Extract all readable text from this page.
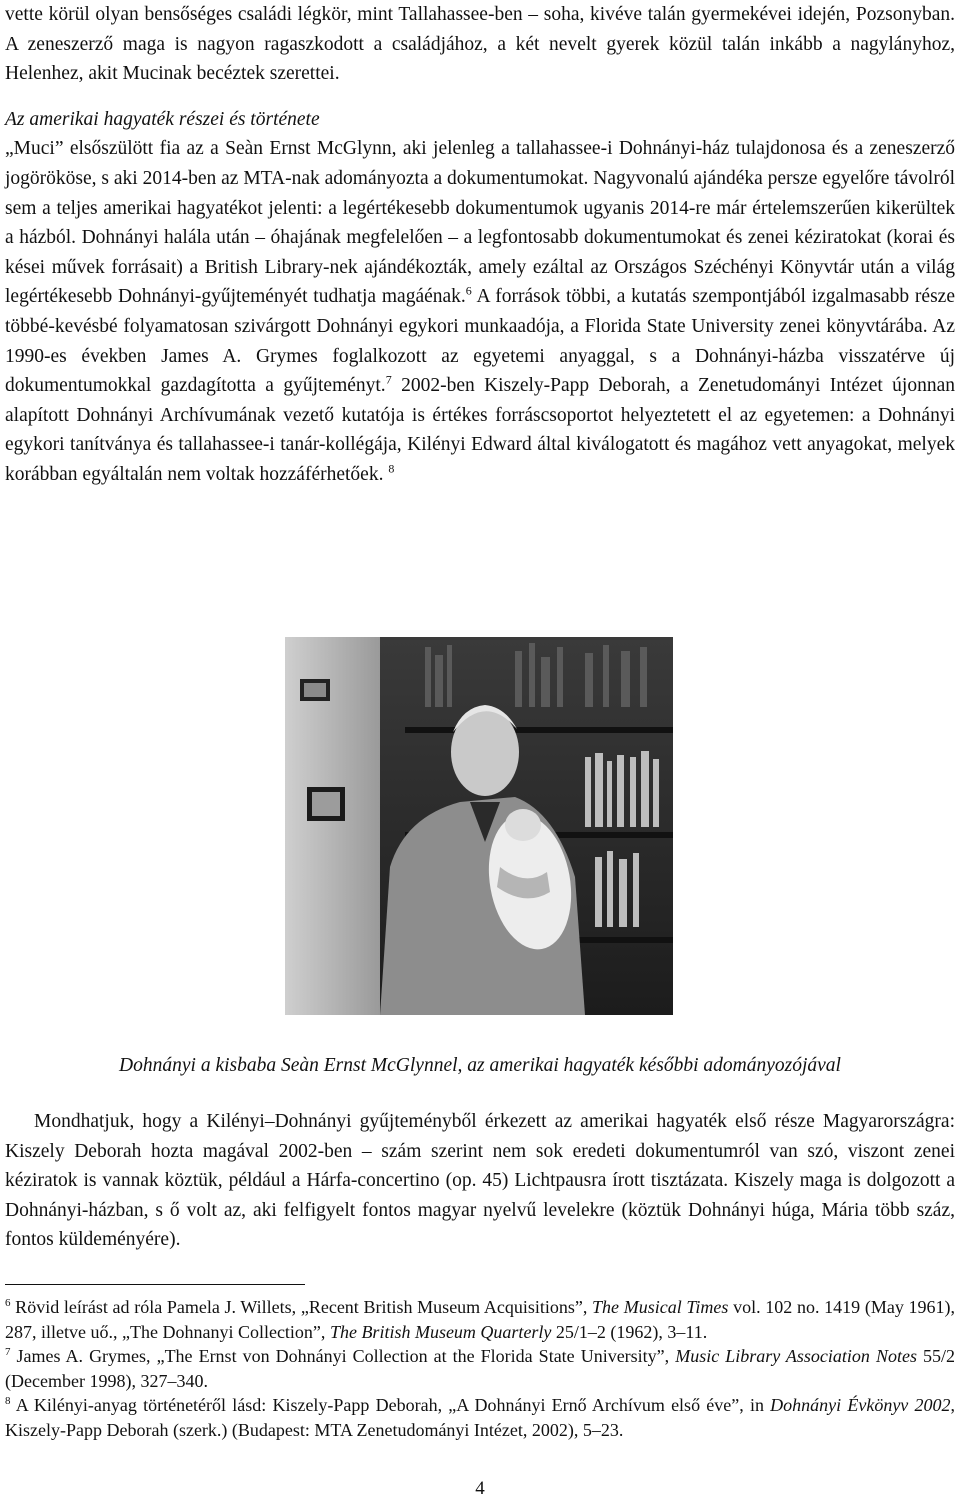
vette körül olyan bensőséges családi légkör, mint Tallahassee-ben – soha, kivéve talán gyermekévei idején, Pozsonyban. A zeneszerző maga is nagyon ragaszkodott a családjához, a két nevelt gyerek közül talán inkább a nagylányhoz, Helenhez, akit Mucinak becéztek szerettei.

Az amerikai hagyaték részei és története

„Muci” elsőszülött fia az a Seàn Ernst McGlynn, aki jelenleg a tallahassee-i Dohnányi-ház tulajdonosa és a zeneszerző jogörököse, s aki 2014-ben az MTA-nak adományozta a dokumentumokat. Nagyvonalú ajándéka persze egyelőre távolról sem a teljes amerikai hagyatékot jelenti: a legértékesebb dokumentumok ugyanis 2014-re már értelemszerűen kikerültek a házból. Dohnányi halála után – óhajának megfelelően – a legfontosabb dokumentumokat és zenei kéziratokat (korai és kései művek forrásait) a British Library-nek ajándékozták, amely ezáltal az Országos Széchényi Könyvtár után a világ legértékesebb Dohnányi-gyűjteményét tudhatja magáénak.$^6$ A források többi, a kutatás szempontjából izgalmasabb része többé-kevésbé folyamatosan szivárgott Dohnányi egykori munkaadója, a Florida State University zenei könyvtárába. Az 1990-es években James A. Grymes foglalkozott az egyetemi anyaggal, s a Dohnányi-házba visszatérve új dokumentumokkal gazdagította a gyűjteményt.$^7$ 2002-ben Kiszely-Papp Deborah, a Zenetudományi Intézet újonnan alapított Dohnányi Archívumának vezető kutatója is értékes forráscsoportot helyeztetett el az egyetemen: a Dohnányi egykori tanítványa és tallahassee-i tanár-kollégája, Kilényi Edward által kiválogatott és magához vett anyagokat, melyek korábban egyáltalán nem voltak hozzáférhetőek. $^8$

Dohnányi a kisbaba Seàn Ernst McGlynnel, az amerikai hagyaték későbbi adományozójával

Mondhatjuk, hogy a Kilényi–Dohnányi gyűjteményből érkezett az amerikai hagyaték első része Magyarországra: Kiszely Deborah hozta magával 2002-ben – szám szerint nem sok eredeti dokumentumról van szó, viszont zenei kéziratok is vannak köztük, például a Hárfa-concertino (op. 45) Lichtpausra írott tisztázata. Kiszely maga is dolgozott a Dohnányi-házban, s ő volt az, aki felfigyelt fontos magyar nyelvű levelekre (köztük Dohnányi húga, Mária több száz, fontos küldeményére).

$^6$ Rövid leírást ad róla Pamela J. Willets, „Recent British Museum Acquisitions”, The Musical Times vol. 102 no. 1419 (May 1961), 287, illetve uő., „The Dohnanyi Collection”, The British Museum Quarterly 25/1–2 (1962), 3–11.

$^7$ James A. Grymes, „The Ernst von Dohnányi Collection at the Florida State University”, Music Library Association Notes 55/2 (December 1998), 327–340.

$^8$ A Kilényi-anyag történetéről lásd: Kiszely-Papp Deborah, „A Dohnányi Ernő Archívum első éve”, in Dohnányi Évkönyv 2002, Kiszely-Papp Deborah (szerk.) (Budapest: MTA Zenetudományi Intézet, 2002), 5–23.

4
